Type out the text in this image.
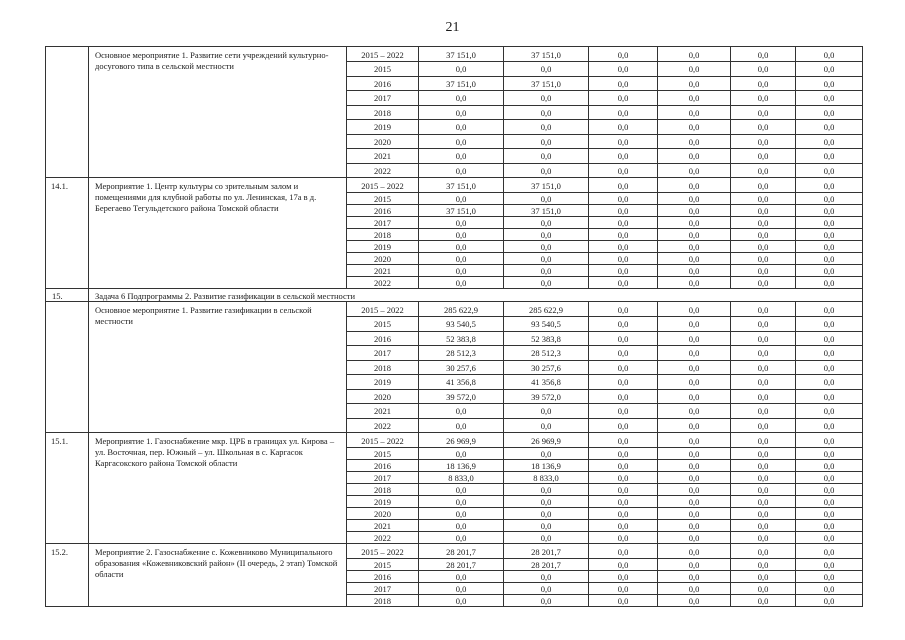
21
	Основное мероприятие 1. Развитие сети учреждений культурно-досугового типа в сельской местности	2015 – 2022	37 151,0	37 151,0	0,0	0,0	0,0	0,0
		2015	0,0	0,0	0,0	0,0	0,0	0,0
		2016	37 151,0	37 151,0	0,0	0,0	0,0	0,0
		2017	0,0	0,0	0,0	0,0	0,0	0,0
		2018	0,0	0,0	0,0	0,0	0,0	0,0
		2019	0,0	0,0	0,0	0,0	0,0	0,0
		2020	0,0	0,0	0,0	0,0	0,0	0,0
		2021	0,0	0,0	0,0	0,0	0,0	0,0
		2022	0,0	0,0	0,0	0,0	0,0	0,0
14.1.	Мероприятие 1. Центр культуры со зрительным залом и помещениями для клубной работы по ул. Ленинская, 17а в д. Берегаево Тегульдетского района Томской области	2015 – 2022	37 151,0	37 151,0	0,0	0,0	0,0	0,0
		2015	0,0	0,0	0,0	0,0	0,0	0,0
		2016	37 151,0	37 151,0	0,0	0,0	0,0	0,0
		2017	0,0	0,0	0,0	0,0	0,0	0,0
		2018	0,0	0,0	0,0	0,0	0,0	0,0
		2019	0,0	0,0	0,0	0,0	0,0	0,0
		2020	0,0	0,0	0,0	0,0	0,0	0,0
		2021	0,0	0,0	0,0	0,0	0,0	0,0
		2022	0,0	0,0	0,0	0,0	0,0	0,0
15.	Задача 6 Подпрограммы 2. Развитие газификации в сельской местности							
	Основное мероприятие 1. Развитие газификации в сельской местности	2015 – 2022	285 622,9	285 622,9	0,0	0,0	0,0	0,0
		2015	93 540,5	93 540,5	0,0	0,0	0,0	0,0
		2016	52 383,8	52 383,8	0,0	0,0	0,0	0,0
		2017	28 512,3	28 512,3	0,0	0,0	0,0	0,0
		2018	30 257,6	30 257,6	0,0	0,0	0,0	0,0
		2019	41 356,8	41 356,8	0,0	0,0	0,0	0,0
		2020	39 572,0	39 572,0	0,0	0,0	0,0	0,0
		2021	0,0	0,0	0,0	0,0	0,0	0,0
		2022	0,0	0,0	0,0	0,0	0,0	0,0
15.1.	Мероприятие 1. Газоснабжение мкр. ЦРБ в границах ул. Кирова – ул. Восточная, пер. Южный – ул. Школьная в с. Каргасок Каргасокского района Томской области	2015 – 2022	26 969,9	26 969,9	0,0	0,0	0,0	0,0
		2015	0,0	0,0	0,0	0,0	0,0	0,0
		2016	18 136,9	18 136,9	0,0	0,0	0,0	0,0
		2017	8 833,0	8 833,0	0,0	0,0	0,0	0,0
		2018	0,0	0,0	0,0	0,0	0,0	0,0
		2019	0,0	0,0	0,0	0,0	0,0	0,0
		2020	0,0	0,0	0,0	0,0	0,0	0,0
		2021	0,0	0,0	0,0	0,0	0,0	0,0
		2022	0,0	0,0	0,0	0,0	0,0	0,0
15.2.	Мероприятие 2. Газоснабжение с. Кожевниково Муниципального образования «Кожевниковский район» (II очередь, 2 этап) Томской области	2015 – 2022	28 201,7	28 201,7	0,0	0,0	0,0	0,0
		2015	28 201,7	28 201,7	0,0	0,0	0,0	0,0
		2016	0,0	0,0	0,0	0,0	0,0	0,0
		2017	0,0	0,0	0,0	0,0	0,0	0,0
		2018	0,0	0,0	0,0	0,0	0,0	0,0
